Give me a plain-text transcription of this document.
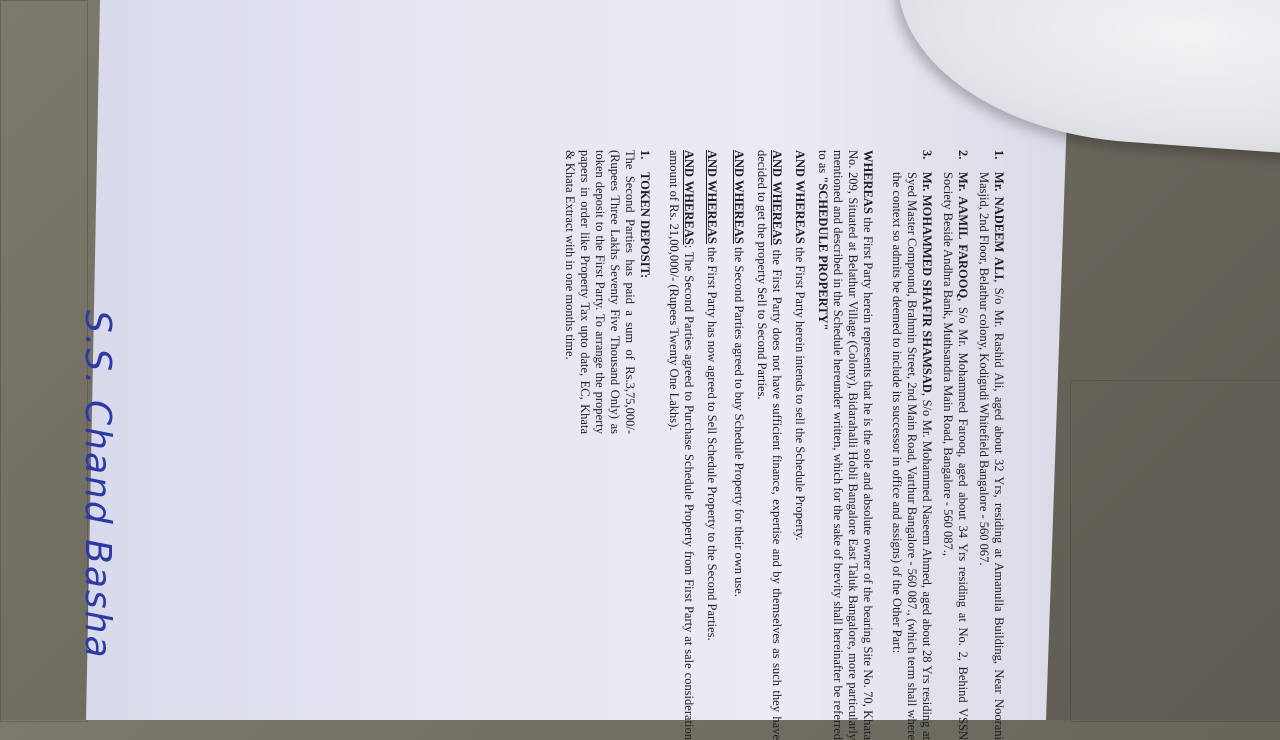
1.
Mr. NADEEM ALI, S/o Mr. Rashid Ali, aged about 32 Yrs, residing at Amanulla Building, Near Noorani Masjid, 2nd Floor, Belathur colony, Kodigudi Whitefield Bangalore - 560 067.
2.
Mr. AAMIL FAROOQ, S/o Mr. Mohammed Farooq, aged about 34 Yrs residing at No. 2, Behind VSSN Society Beside Andhra Bank, Muthsandra Main Road, Bangalore - 560 087.,
3.
Mr. MOHAMMED SHAFIR SHAMSAD, S/o Mr. Mohammed Naseem Ahmed, aged about 28 Yrs residing at Syed Master Compound, Brahmin Street, 2nd Main Road, Varthur Bangalore - 560 087., (which term shall where the context so admits be deemed to include its successor in office and assigns) of the Other Part:

WHEREAS the First Party herein represents that he is the sole and absolute owner of the bearing Site No. 70, Khata No. 209, Situated at Belathur Village (Colony), Bidarahalli Hobli Bangalore East Taluk Bangalore, more particularly mentioned and described in the Schedule hereunder written, which for the sake of brevity shall hereinafter be referred to as "SCHEDULE PROPERTY"

AND WHEREAS the First Party herein intends to sell the Schedule Property.

AND WHEREAS the First Party does not have sufficient finance, expertise and by themselves as such they have decided to get the property Sell to Second Parties.

AND WHEREAS the Second Parties agreed to buy Schedule Property for their own use.

AND WHEREAS the First Party has now agreed to Sell Schedule Property to the Second Parties.

AND WHEREAS: The Second Parties agreed to Purchase Schedule Property from First Party at sale consideration amount of Rs. 21,00,000/- (Rupees Twenty One Lakhs).

1.TOKEN DEPOSIT:

The Second Parties has paid a sum of Rs.3,75,000/- (Rupees Three Lakhs Seventy Five Thousand Only) as token deposit to the First Party. To arrange the property papers in order like Property Tax upto date, EC, Khata & Khata Extract with in one months time.

S.S. Chand Basha
